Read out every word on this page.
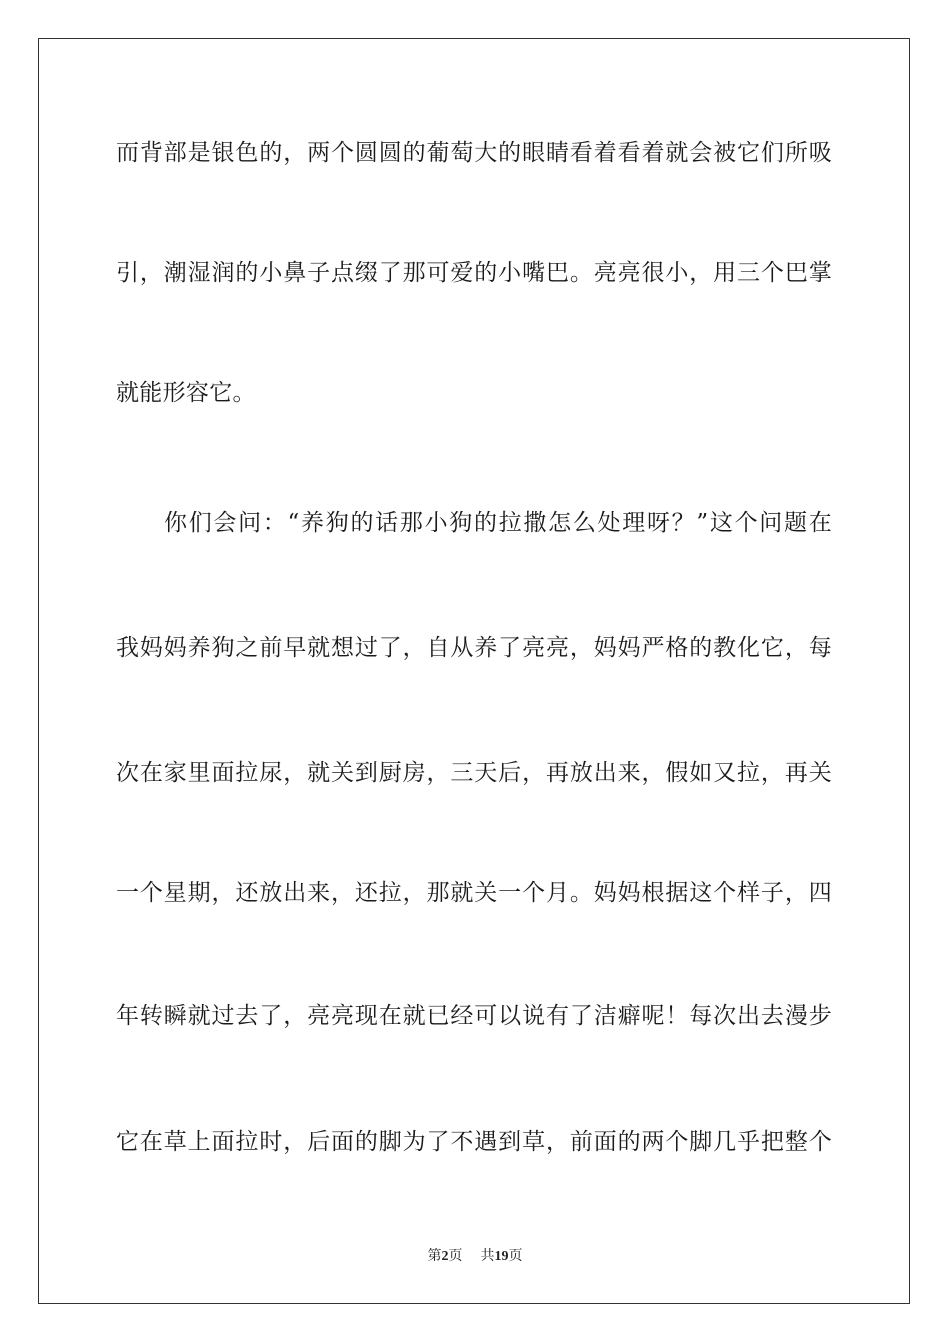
而背部是银色的，两个圆圆的葡萄大的眼睛看着看着就会被它们所吸
引，潮湿润的小鼻子点缀了那可爱的小嘴巴。亮亮很小，用三个巴掌
就能形容它。
你们会问：“养狗的话那小狗的拉撒怎么处理呀？”这个问题在
我妈妈养狗之前早就想过了，自从养了亮亮，妈妈严格的教化它，每
次在家里面拉尿，就关到厨房，三天后，再放出来，假如又拉，再关
一个星期，还放出来，还拉，那就关一个月。妈妈根据这个样子，四
年转瞬就过去了，亮亮现在就已经可以说有了洁癖呢！每次出去漫步
它在草上面拉时，后面的脚为了不遇到草，前面的两个脚几乎把整个
第2页 共19页
